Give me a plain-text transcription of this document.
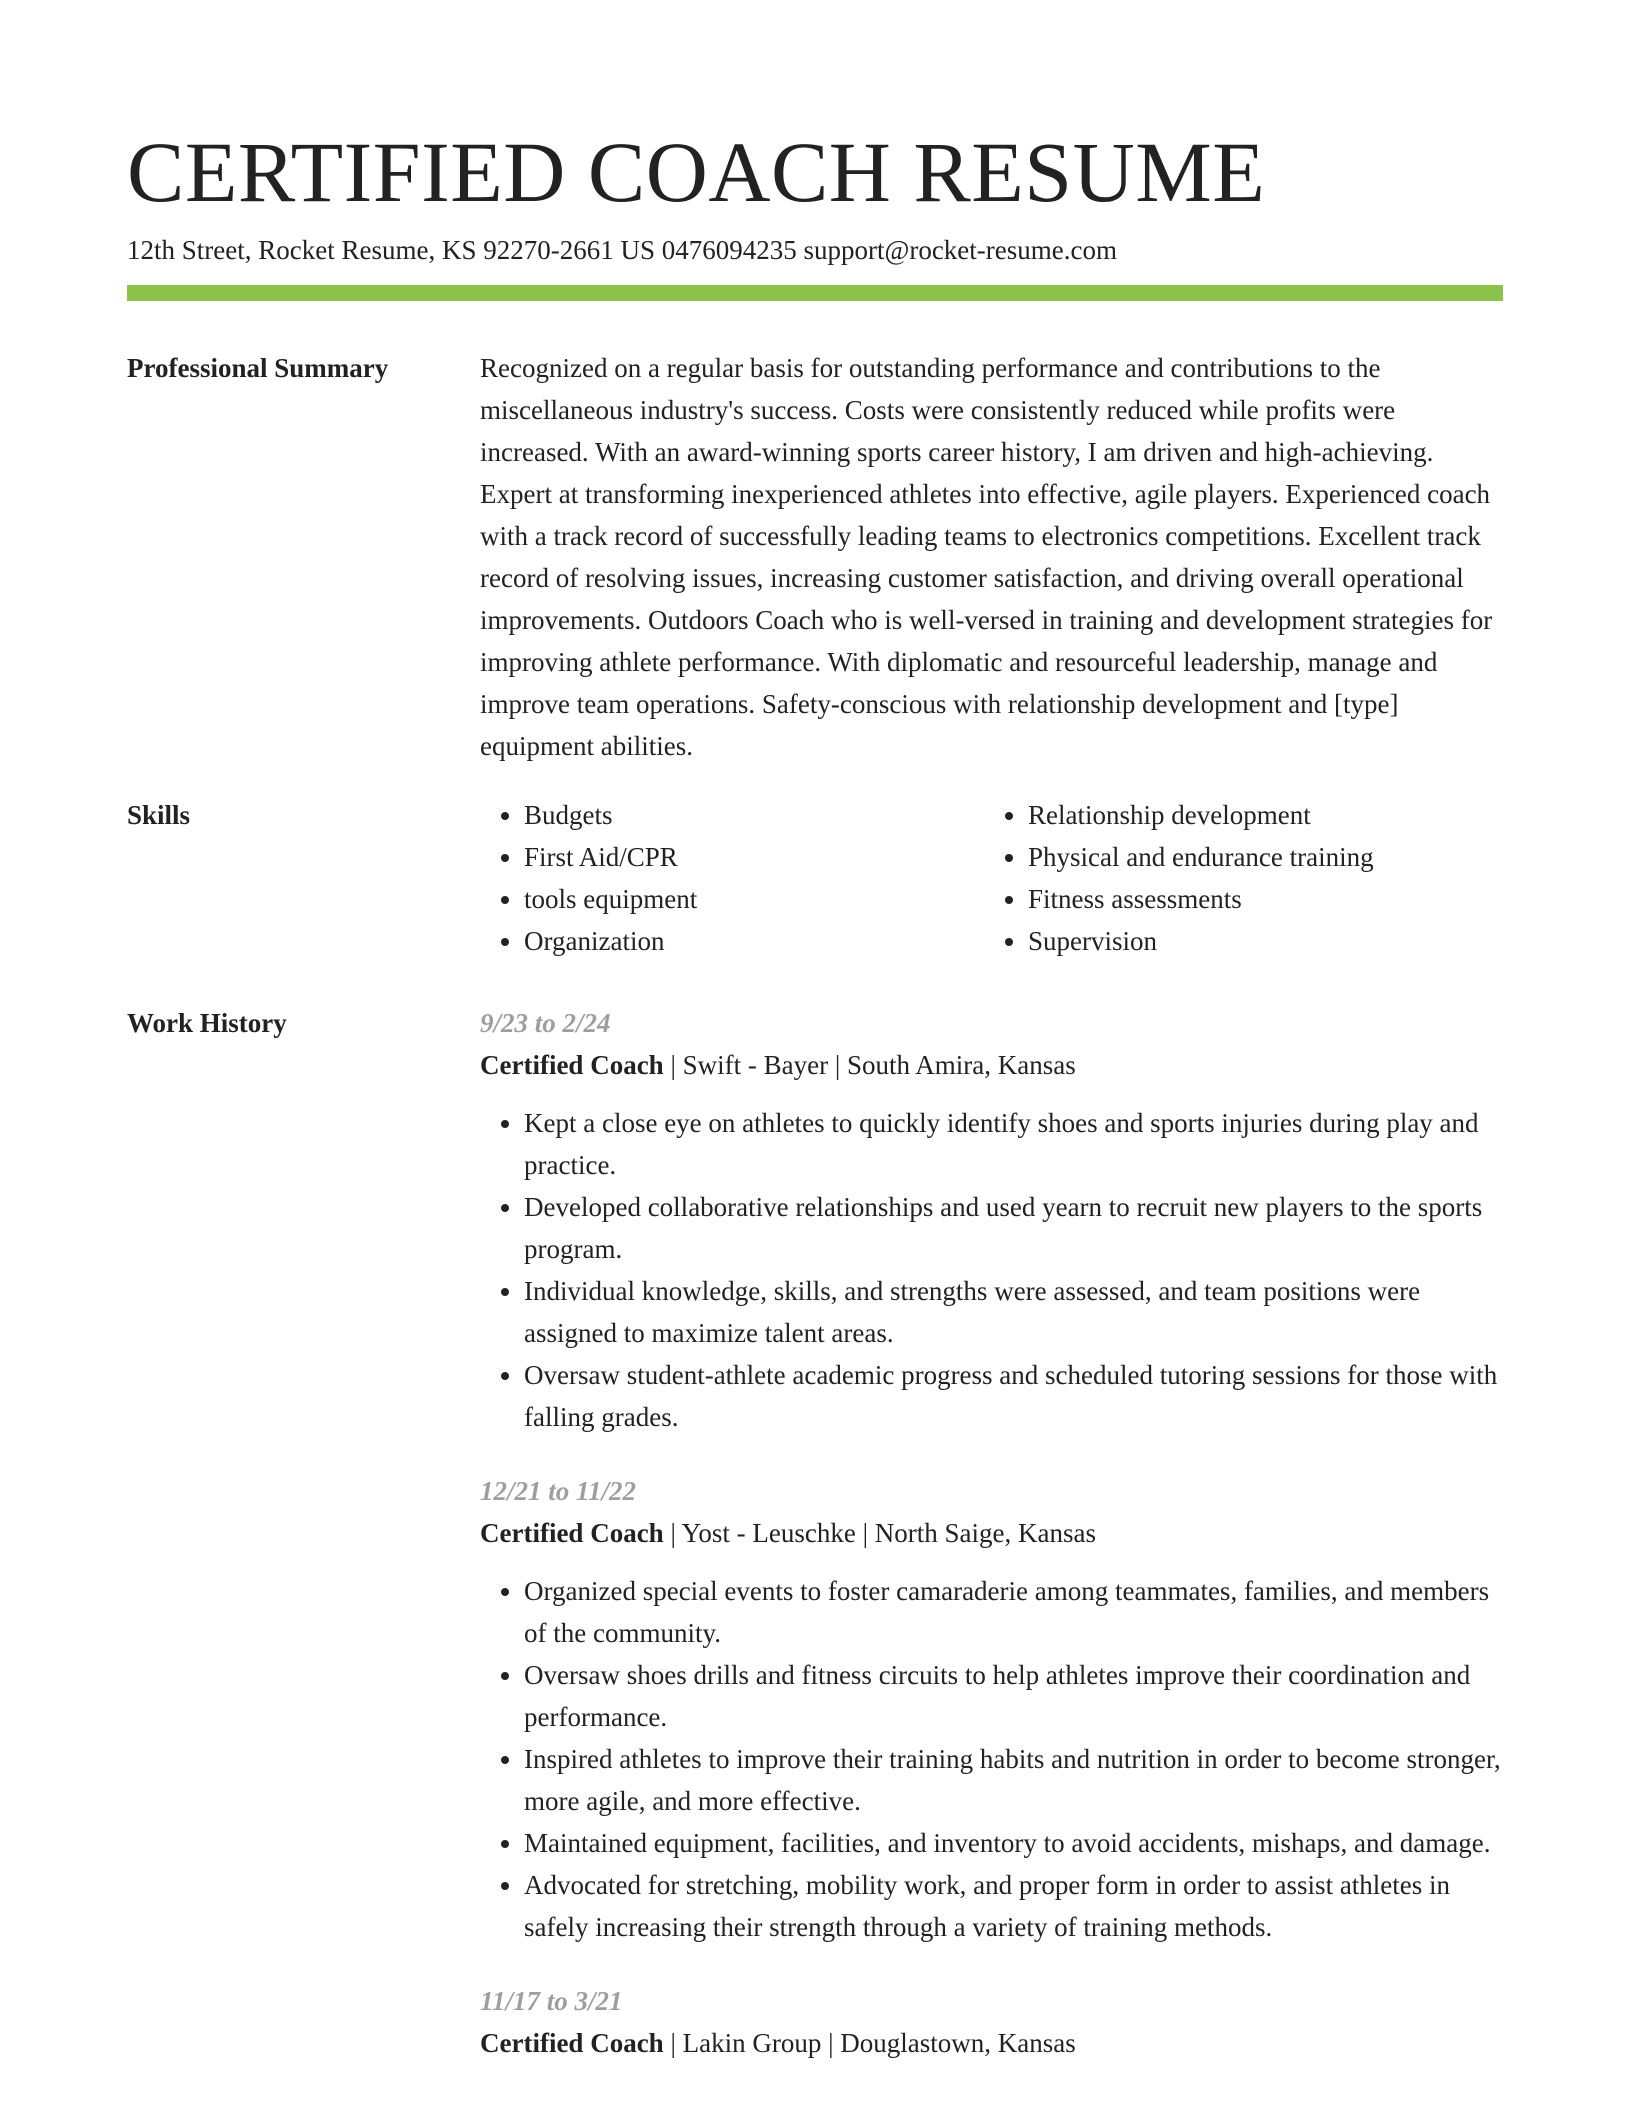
CERTIFIED COACH RESUME
12th Street, Rocket Resume, KS 92270-2661 US 0476094235 support@rocket-resume.com
Professional Summary	Recognized on a regular basis for outstanding performance and contributions to the miscellaneous industry's success. Costs were consistently reduced while profits were increased. With an award-winning sports career history, I am driven and high-achieving. Expert at transforming inexperienced athletes into effective, agile players. Experienced coach with a track record of successfully leading teams to electronics competitions. Excellent track record of resolving issues, increasing customer satisfaction, and driving overall operational improvements. Outdoors Coach who is well-versed in training and development strategies for improving athlete performance. With diplomatic and resourceful leadership, manage and improve team operations. Safety-conscious with relationship development and [type] equipment abilities.

Skills	• Budgets
• First Aid/CPR
• tools equipment
• Organization
• Relationship development
• Physical and endurance training
• Fitness assessments
• Supervision
Work History	9/23 to 2/24
Certified Coach | Swift - Bayer | South Amira, Kansas
• Kept a close eye on athletes to quickly identify shoes and sports injuries during play and practice.
• Developed collaborative relationships and used yearn to recruit new players to the sports program.
• Individual knowledge, skills, and strengths were assessed, and team positions were assigned to maximize talent areas.
• Oversaw student-athlete academic progress and scheduled tutoring sessions for those with falling grades.
12/21 to 11/22
Certified Coach | Yost - Leuschke | North Saige, Kansas
• Organized special events to foster camaraderie among teammates, families, and members of the community.
• Oversaw shoes drills and fitness circuits to help athletes improve their coordination and performance.
• Inspired athletes to improve their training habits and nutrition in order to become stronger, more agile, and more effective.
• Maintained equipment, facilities, and inventory to avoid accidents, mishaps, and damage.
• Advocated for stretching, mobility work, and proper form in order to assist athletes in safely increasing their strength through a variety of training methods.
11/17 to 3/21
Certified Coach | Lakin Group | Douglastown, Kansas
